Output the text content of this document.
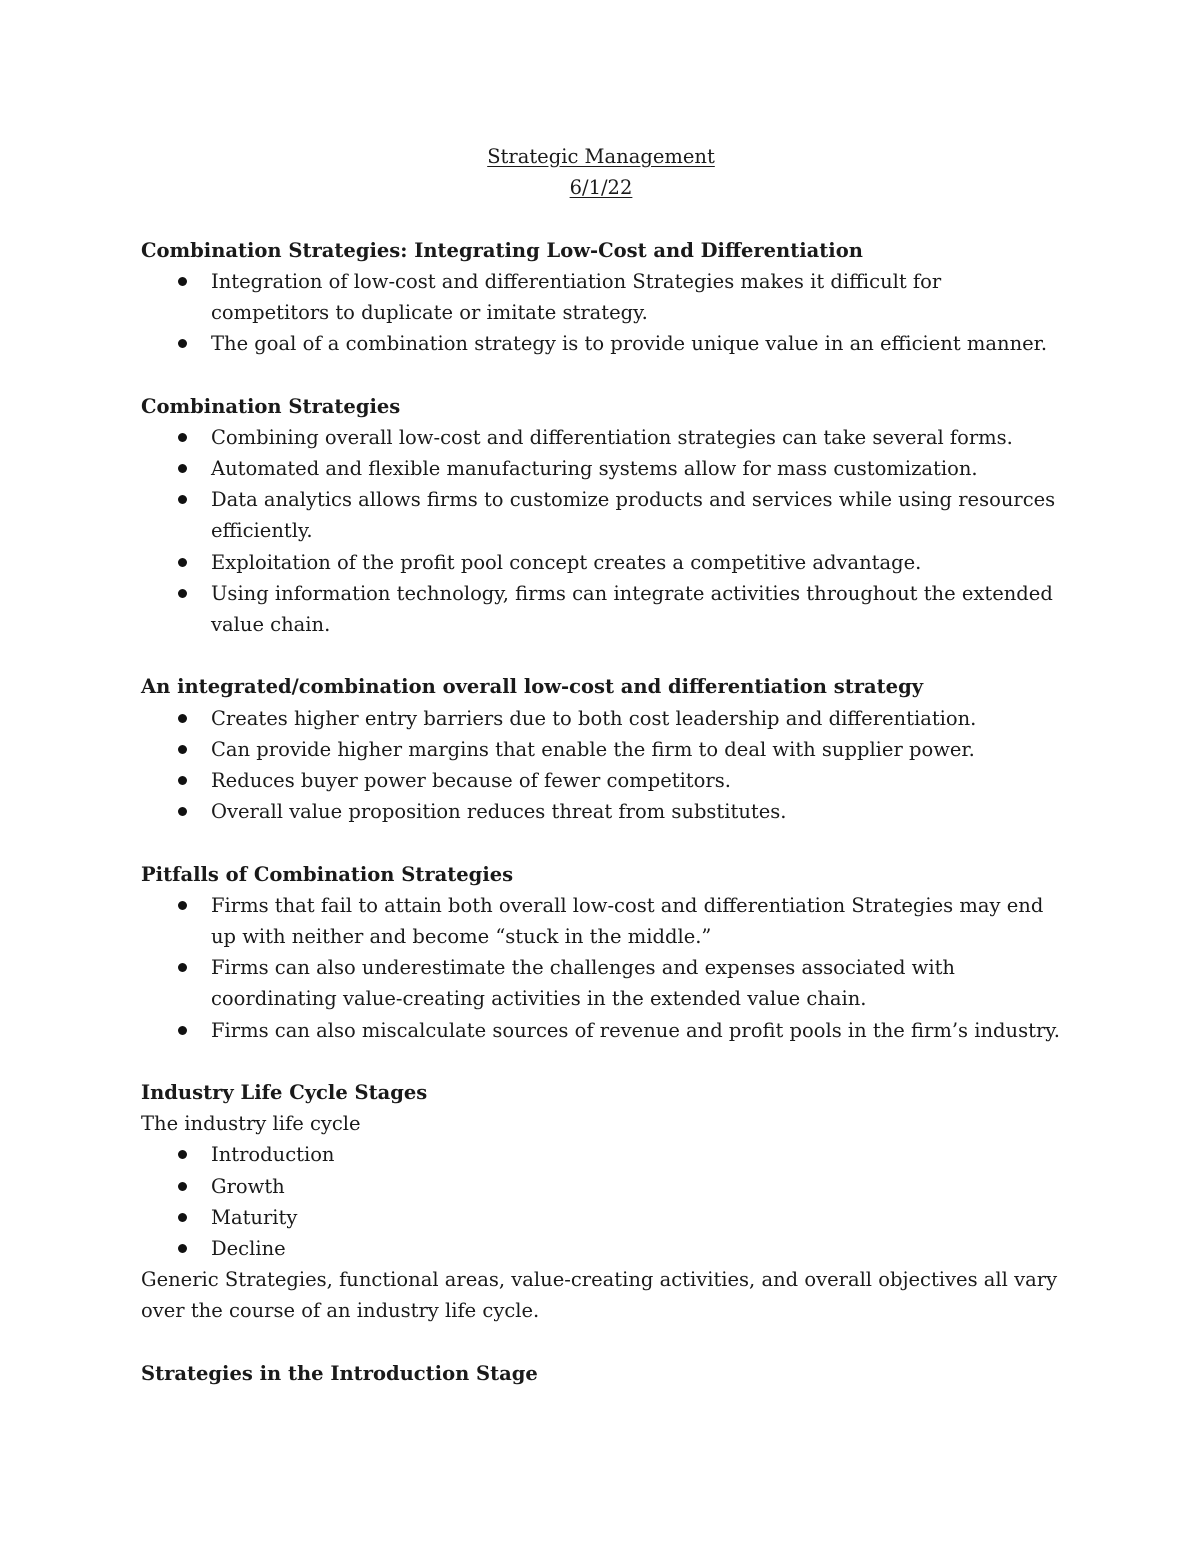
Strategic Management
6/1/22
Combination Strategies: Integrating Low-Cost and Differentiation
Integration of low-cost and differentiation Strategies makes it difficult for competitors to duplicate or imitate strategy.
The goal of a combination strategy is to provide unique value in an efficient manner.
Combination Strategies
Combining overall low-cost and differentiation strategies can take several forms.
Automated and flexible manufacturing systems allow for mass customization.
Data analytics allows firms to customize products and services while using resources efficiently.
Exploitation of the profit pool concept creates a competitive advantage.
Using information technology, firms can integrate activities throughout the extended value chain.
An integrated/combination overall low-cost and differentiation strategy
Creates higher entry barriers due to both cost leadership and differentiation.
Can provide higher margins that enable the firm to deal with supplier power.
Reduces buyer power because of fewer competitors.
Overall value proposition reduces threat from substitutes.
Pitfalls of Combination Strategies
Firms that fail to attain both overall low-cost and differentiation Strategies may end up with neither and become “stuck in the middle.”
Firms can also underestimate the challenges and expenses associated with coordinating value-creating activities in the extended value chain.
Firms can also miscalculate sources of revenue and profit pools in the firm’s industry.
Industry Life Cycle Stages
The industry life cycle
Introduction
Growth
Maturity
Decline
Generic Strategies, functional areas, value-creating activities, and overall objectives all vary over the course of an industry life cycle.
Strategies in the Introduction Stage
